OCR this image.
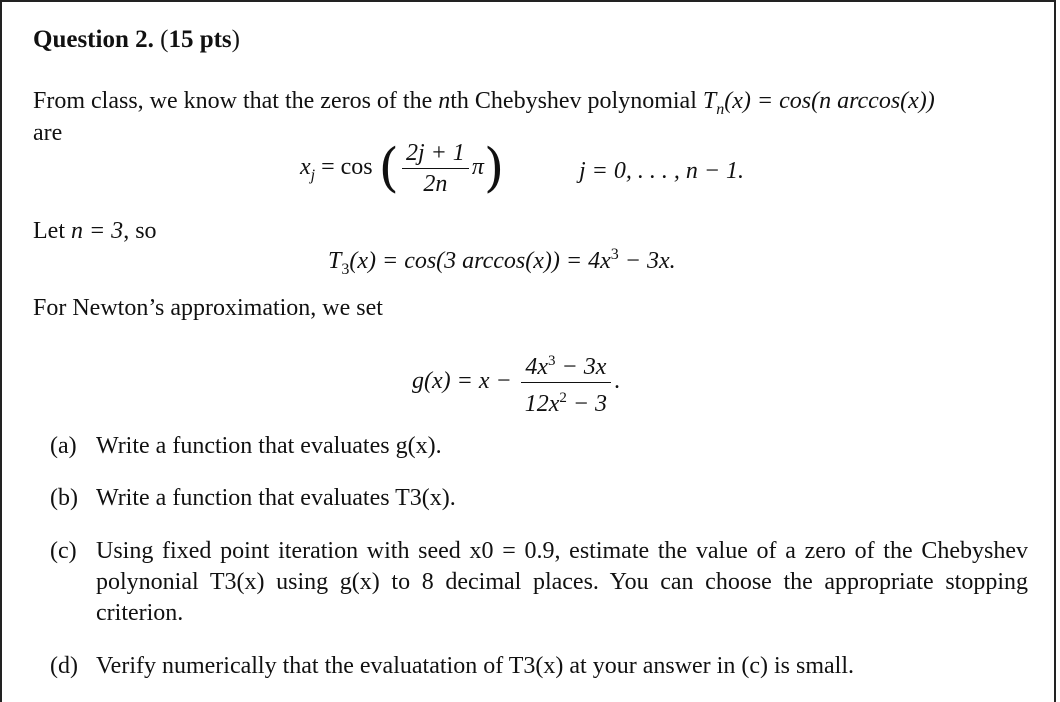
Question 2. (15 pts)
From class, we know that the zeros of the nth Chebyshev polynomial $T_n(x) = \cos(n$ arccos(x))
are
$x_j = \cos$ ( $\frac{2j + 1}{2n} \pi$)	j = 0, . . . , n − 1.
Let n = 3, so
$T_3(x) = \cos(3$ $\arccos(x)) = 4x^3 - 3x$.
For Newton’s approximation, we set
$g(x) = x - \frac{4x^3 - 3x}{12x^2 - 3}$ .
(a) Write a function that evaluates g(x).
(b) Write a function that evaluates T3(x).
(c) Using fixed point iteration with seed x0 = 0.9, estimate the value of a zero of the Chebyshev polynonial T3(x) using g(x) to 8 decimal places. You can choose the appropriate stopping criterion.
(d) Verify numerically that the evaluatation of T3(x) at your answer in (c) is small.
